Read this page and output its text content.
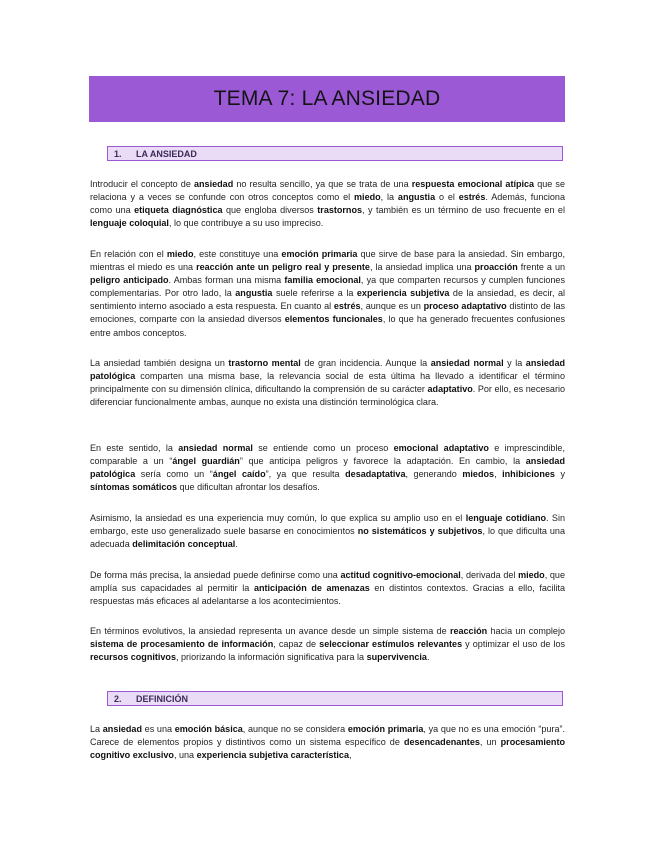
TEMA 7: LA ANSIEDAD
1.	LA ANSIEDAD

Introducir el concepto de ansiedad no resulta sencillo, ya que se trata de una respuesta emocional atípica que se relaciona y a veces se confunde con otros conceptos como el miedo, la angustia o el estrés. Además, funciona como una etiqueta diagnóstica que engloba diversos trastornos, y también es un término de uso frecuente en el lenguaje coloquial, lo que contribuye a su uso impreciso.

En relación con el miedo, este constituye una emoción primaria que sirve de base para la ansiedad. Sin embargo, mientras el miedo es una reacción ante un peligro real y presente, la ansiedad implica una proacción frente a un peligro anticipado. Ambas forman una misma familia emocional, ya que comparten recursos y cumplen funciones complementarias. Por otro lado, la angustia suele referirse a la experiencia subjetiva de la ansiedad, es decir, al sentimiento interno asociado a esta respuesta. En cuanto al estrés, aunque es un proceso adaptativo distinto de las emociones, comparte con la ansiedad diversos elementos funcionales, lo que ha generado frecuentes confusiones entre ambos conceptos.

La ansiedad también designa un trastorno mental de gran incidencia. Aunque la ansiedad normal y la ansiedad patológica comparten una misma base, la relevancia social de esta última ha llevado a identificar el término principalmente con su dimensión clínica, dificultando la comprensión de su carácter adaptativo. Por ello, es necesario diferenciar funcionalmente ambas, aunque no exista una distinción terminológica clara.

En este sentido, la ansiedad normal se entiende como un proceso emocional adaptativo e imprescindible, comparable a un “ángel guardián” que anticipa peligros y favorece la adaptación. En cambio, la ansiedad patológica sería como un “ángel caído”, ya que resulta desadaptativa, generando miedos, inhibiciones y síntomas somáticos que dificultan afrontar los desafíos.

Asimismo, la ansiedad es una experiencia muy común, lo que explica su amplio uso en el lenguaje cotidiano. Sin embargo, este uso generalizado suele basarse en conocimientos no sistemáticos y subjetivos, lo que dificulta una adecuada delimitación conceptual.

De forma más precisa, la ansiedad puede definirse como una actitud cognitivo-emocional, derivada del miedo, que amplía sus capacidades al permitir la anticipación de amenazas en distintos contextos. Gracias a ello, facilita respuestas más eficaces al adelantarse a los acontecimientos.

En términos evolutivos, la ansiedad representa un avance desde un simple sistema de reacción hacia un complejo sistema de procesamiento de información, capaz de seleccionar estímulos relevantes y optimizar el uso de los recursos cognitivos, priorizando la información significativa para la supervivencia.

2.	DEFINICIÓN

La ansiedad es una emoción básica, aunque no se considera emoción primaria, ya que no es una emoción “pura”. Carece de elementos propios y distintivos como un sistema específico de desencadenantes, un procesamiento cognitivo exclusivo, una experiencia subjetiva característica,
